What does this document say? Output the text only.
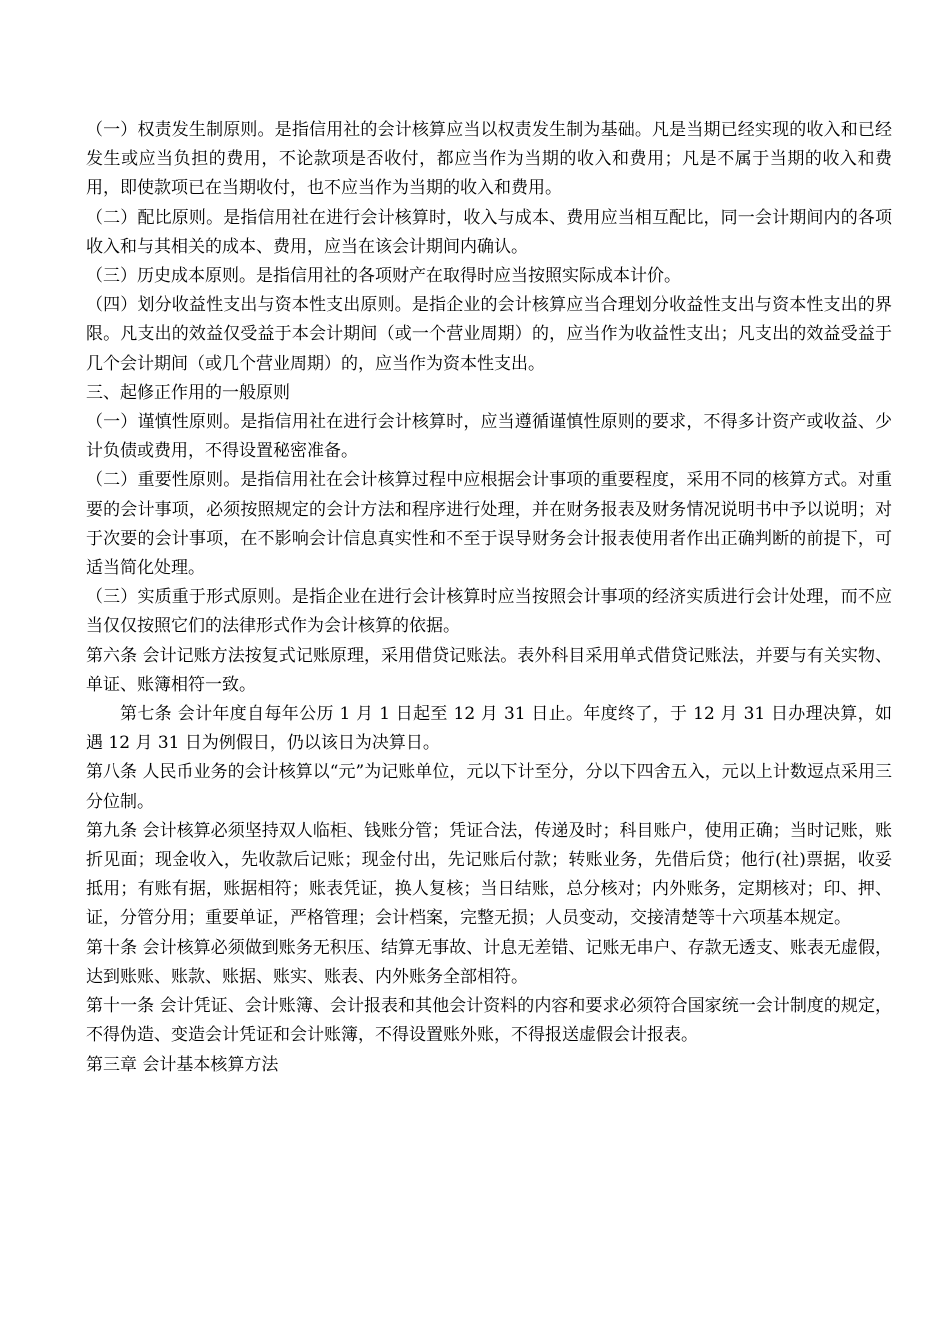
（一）权责发生制原则。是指信用社的会计核算应当以权责发生制为基础。凡是当期已经实现的收入和已经发生或应当负担的费用，不论款项是否收付，都应当作为当期的收入和费用；凡是不属于当期的收入和费用，即使款项已在当期收付，也不应当作为当期的收入和费用。

（二）配比原则。是指信用社在进行会计核算时，收入与成本、费用应当相互配比，同一会计期间内的各项收入和与其相关的成本、费用，应当在该会计期间内确认。

（三）历史成本原则。是指信用社的各项财产在取得时应当按照实际成本计价。

（四）划分收益性支出与资本性支出原则。是指企业的会计核算应当合理划分收益性支出与资本性支出的界限。凡支出的效益仅受益于本会计期间（或一个营业周期）的，应当作为收益性支出；凡支出的效益受益于几个会计期间（或几个营业周期）的，应当作为资本性支出。

三、起修正作用的一般原则

（一）谨慎性原则。是指信用社在进行会计核算时，应当遵循谨慎性原则的要求，不得多计资产或收益、少计负债或费用，不得设置秘密准备。

（二）重要性原则。是指信用社在会计核算过程中应根据会计事项的重要程度，采用不同的核算方式。对重要的会计事项，必须按照规定的会计方法和程序进行处理，并在财务报表及财务情况说明书中予以说明；对于次要的会计事项，在不影响会计信息真实性和不至于误导财务会计报表使用者作出正确判断的前提下，可适当简化处理。

（三）实质重于形式原则。是指企业在进行会计核算时应当按照会计事项的经济实质进行会计处理，而不应当仅仅按照它们的法律形式作为会计核算的依据。

第六条 会计记账方法按复式记账原理，采用借贷记账法。表外科目采用单式借贷记账法，并要与有关实物、单证、账簿相符一致。

第七条 会计年度自每年公历 1 月 1 日起至 12 月 31 日止。年度终了，于 12 月 31 日办理决算，如遇 12 月 31 日为例假日，仍以该日为决算日。

第八条 人民币业务的会计核算以“元”为记账单位，元以下计至分，分以下四舍五入，元以上计数逗点采用三分位制。

第九条 会计核算必须坚持双人临柜、钱账分管；凭证合法，传递及时；科目账户，使用正确；当时记账，账折见面；现金收入，先收款后记账；现金付出，先记账后付款；转账业务，先借后贷；他行(社)票据，收妥抵用；有账有据，账据相符；账表凭证，换人复核；当日结账，总分核对；内外账务，定期核对；印、押、证，分管分用；重要单证，严格管理；会计档案，完整无损；人员变动，交接清楚等十六项基本规定。

第十条 会计核算必须做到账务无积压、结算无事故、计息无差错、记账无串户、存款无透支、账表无虚假，达到账账、账款、账据、账实、账表、内外账务全部相符。

第十一条 会计凭证、会计账簿、会计报表和其他会计资料的内容和要求必须符合国家统一会计制度的规定，不得伪造、变造会计凭证和会计账簿，不得设置账外账，不得报送虚假会计报表。

第三章 会计基本核算方法
